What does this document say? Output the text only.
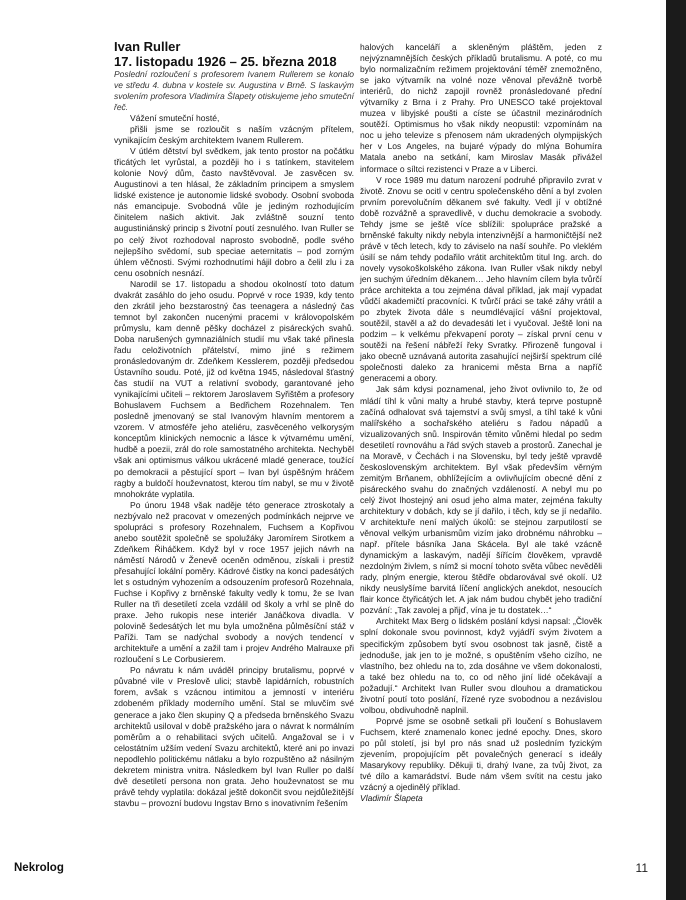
Ivan Ruller
17. listopadu 1926 – 25. března 2018

Poslední rozloučení s profesorem Ivanem Rullerem se konalo ve středu 4. dubna v kostele sv. Augustina v Brně. S laskavým svolením profesora Vladimíra Šlapety otiskujeme jeho smuteční řeč.

Vážení smuteční hosté,

přišli jsme se rozloučit s naším vzácným přítelem, vynikajícím českým architektem Ivanem Rullerem.

V útlém dětství byl svědkem, jak tento prostor na počátku třicátých let vyrůstal, a později ho i s tatínkem, stavitelem kolonie Nový dům, často navštěvoval. Je zasvěcen sv. Augustinovi a ten hlásal, že základním principem a smyslem lidské existence je autonomie lidské svobody. Osobní svoboda nás emancipuje. Svobodná vůle je jediným rozhodujícím činitelem našich aktivit. Jak zvláštně souzní tento augustiniánský princip s životní poutí zesnulého. Ivan Ruller se po celý život rozhodoval naprosto svobodně, podle svého nejlepšího svědomí, sub speciae aeternitatis – pod zorným úhlem věčnosti. Svými rozhodnutími hájil dobro a čelil zlu i za cenu osobních nesnází.

Narodil se 17. listopadu a shodou okolností toto datum dvakrát zasáhlo do jeho osudu. Poprvé v roce 1939, kdy tento den zkrátil jeho bezstarostný čas teenagera a následný čas temnot byl zakončen nucenými pracemi v královopolském průmyslu, kam denně pěšky docházel z pisáreckých svahů. Doba narušených gymnaziálních studií mu však také přinesla řadu celoživotních přátelství, mimo jiné s režimem pronásledovaným dr. Zdeňkem Kesslerem, později předsedou Ústavního soudu. Poté, již od května 1945, následoval šťastný čas studií na VUT a relativní svobody, garantované jeho vynikajícími učiteli – rektorem Jaroslavem Syřištěm a profesory Bohuslavem Fuchsem a Bedřichem Rozehnalem. Ten posledně jmenovaný se stal Ivanovým hlavním mentorem a vzorem. V atmosféře jeho ateliéru, zasvěceného velkorysým konceptům klinických nemocnic a lásce k výtvarnému umění, hudbě a poezii, zrál do role samostatného architekta. Nechyběl však ani optimismus válkou ukrácené mladé generace, toužící po demokracii a pěstující sport – Ivan byl úspěšným hráčem ragby a buldočí houževnatost, kterou tím nabyl, se mu v životě mnohokráte vyplatila.

Po únoru 1948 však naděje této generace ztroskotaly a nezbývalo než pracovat v omezených podmínkách nejprve ve spolupráci s profesory Rozehnalem, Fuchsem a Kopřivou anebo soutěžit společně se spolužáky Jaromírem Sirotkem a Zdeňkem Řiháčkem. Když byl v roce 1957 jejich návrh na náměstí Národů v Ženevě oceněn odměnou, získali i prestiž přesahující lokální poměry. Kádrové čistky na konci padesátých let s ostudným vyhozením a odsouzením profesorů Rozehnala, Fuchse i Kopřivy z brněnské fakulty vedly k tomu, že se Ivan Ruller na tři desetiletí zcela vzdálil od školy a vrhl se plně do praxe. Jeho rukopis nese interiér Janáčkova divadla. V polovině šedesátých let mu byla umožněna půlměsíční stáž v Paříži. Tam se nadýchal svobody a nových tendencí v architektuře a umění a zažil tam i projev Andrého Malrauxe při rozloučení s Le Corbusierem.

Po návratu k nám uváděl principy brutalismu, poprvé v půvabné vile v Preslově ulici; stavbě lapidárních, robustních forem, avšak s vzácnou intimitou a jemností v interiéru zdobeném příklady moderního umění. Stal se mluvčím své generace a jako člen skupiny Q a předseda brněnského Svazu architektů usiloval v době pražského jara o návrat k normálním poměrům a o rehabilitaci svých učitelů. Angažoval se i v celostátním užším vedení Svazu architektů, které ani po invazi nepodlehlo politickému nátlaku a bylo rozpuštěno až násilným dekretem ministra vnitra. Následkem byl Ivan Ruller po další dvě desetiletí persona non grata. Jeho houževnatost se mu právě tehdy vyplatila: dokázal ještě dokončit svou nejdůležitější stavbu – provozní budovu Ingstav Brno s inovativním řešením

halových kanceláří a skleněným pláštěm, jeden z nejvýznamnějších českých příkladů brutalismu. A poté, co mu bylo normalizačním režimem projektování téměř znemožněno, se jako výtvarník na volné noze věnoval převážně tvorbě interiérů, do nichž zapojil rovněž pronásledované přední výtvarníky z Brna i z Prahy. Pro UNESCO také projektoval muzea v libyjské poušti a císte se účastnil mezinárodních soutěží. Optimismus ho však nikdy neopustil: vzpomínám na noc u jeho televize s přenosem nám ukradených olympijských her v Los Angeles, na bujaré výpady do mlýna Bohumíra Matala anebo na setkání, kam Miroslav Masák přivážel informace o síltci rezistenci v Praze a v Liberci.

V roce 1989 mu datum narození podruhé připravilo zvrat v životě. Znovu se ocitl v centru společenského dění a byl zvolen prvním porevolučním děkanem své fakulty. Vedl jí v obtížné době rozvážně a spravedlivě, v duchu demokracie a svobody. Tehdy jsme se ještě více sblížili: spolupráce pražské a brněnské fakulty nikdy nebyla intenzivnější a harmoničtější než právě v těch letech, kdy to záviselo na naší souhře. Po vleklém úsilí se nám tehdy podařilo vrátit architektům titul Ing. arch. do novely vysokoškolského zákona. Ivan Ruller však nikdy nebyl jen suchým úředním děkanem… Jeho hlavním cílem byla tvůrčí práce architekta a tou zejména dával příklad, jak mají vypadat vůdčí akademičtí pracovníci. K tvůrčí práci se také záhy vrátil a po zbytek života dále s neumdlévající vášní projektoval, soutěžil, stavěl a až do devadesáti let i vyučoval. Ještě loni na podzim – k velkému překvapení poroty – získal první cenu v soutěži na řešení nábřeží řeky Svratky. Přirozeně fungoval i jako obecně uznávaná autorita zasahující nejširší spektrum cílé společnosti daleko za hranicemi města Brna a napříč generacemi a obory.

Jak sám kdysi poznamenal, jeho život ovlivnilo to, že od mládí tíhl k vůni malty a hrubé stavby, která teprve postupně začíná odhalovat svá tajemství a svůj smysl, a tíhl také k vůni malířského a sochařského ateliéru s řadou nápadů a vizualizovaných snů. Inspirován těmito vůněmi hledal po sedm desetiletí rovnováhu a řád svých staveb a prostorů. Zanechal je na Moravě, v Čechách i na Slovensku, byl tedy ještě vpravdě československým architektem. Byl však především věrným zemitým Brňanem, obhlížejícím a ovlivňujícím obecné dění z pisáreckého svahu do značných vzdáleností. A nebyl mu po celý život lhostejný ani osud jeho alma mater, zejména fakulty architektury v dobách, kdy se jí dařilo, i těch, kdy se jí nedařilo. V architektuře není malých úkolů: se stejnou zarputilostí se věnoval velkým urbanismům vizím jako drobnému náhrobku – např. přítele básníka Jana Skácela. Byl ale také vzácně dynamickým a laskavým, nadějí šířícím člověkem, vpravdě nezdolným živlem, s nímž si mocní tohoto světa vůbec nevěděli rady, plným energie, kterou štědře obdarovával své okolí. Už nikdy neuslyšíme barvitá líčení anglických anekdot, nesoucích flair konce čtyřicátých let. A jak nám budou chybět jeho tradiční pozvání: „Tak zavolej a přijď, vína je tu dostatek…“

Architekt Max Berg o lidském poslání kdysi napsal: „Člověk splní dokonale svou povinnost, když vyjádří svým životem a specifickým způsobem bytí svou osobnost tak jasně, čistě a jednoduše, jak jen to je možné, s opuštěním všeho cizího, ne vlastního, bez ohledu na to, zda dosáhne ve všem dokonalosti, a také bez ohledu na to, co od něho jiní lidé očekávají a požadují.“ Architekt Ivan Ruller svou dlouhou a dramatickou životní poutí toto poslání, řízené ryze svobodnou a nezávislou volbou, obdivuhodně naplnil.

Poprvé jsme se osobně setkali při loučení s Bohuslavem Fuchsem, které znamenalo konec jedné epochy. Dnes, skoro po půl století, jsi byl pro nás snad už posledním fyzickým zjevením, propojujícím pět povalečných generací s ideály Masarykovy republiky. Děkuji ti, drahý Ivane, za tvůj život, za tvé dílo a kamarádství. Bude nám všem svítit na cestu jako vzácný a ojedinělý příklad.

Vladimír Šlapeta

Nekrolog	11
